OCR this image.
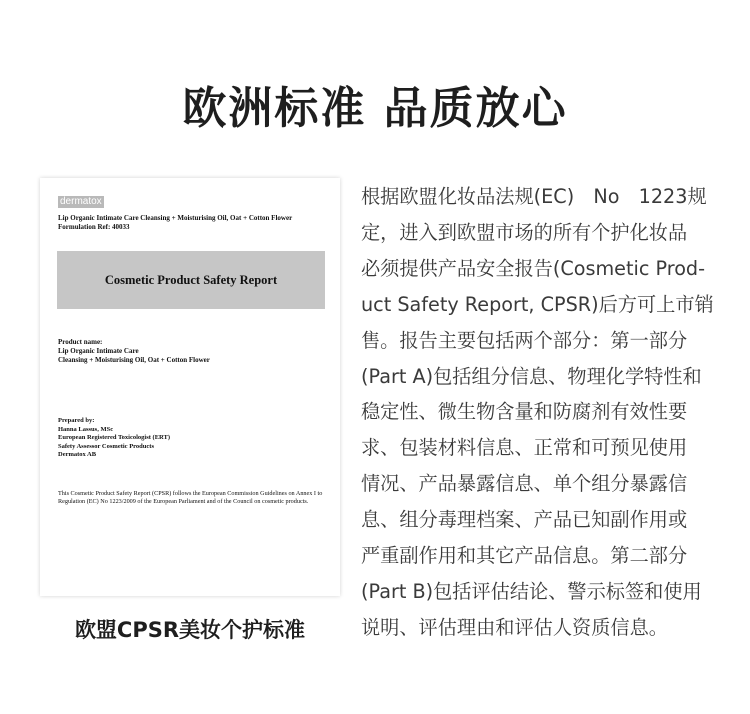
欧洲标准 品质放心
dermatox
Lip Organic Intimate Care Cleansing + Moisturising Oil, Oat + Cotton Flower
Formulation Ref: 40033
Cosmetic Product Safety Report
Product name:
Lip Organic Intimate Care
Cleansing + Moisturising Oil, Oat + Cotton Flower
Prepared by:
Hanna Lassus, MSc
European Registered Toxicologist (ERT)
Safety Assessor Cosmetic Products
Dermatox AB
This Cosmetic Product Safety Report (CPSR) follows the European Commission Guidelines on Annex I to Regulation (EC) No 1223/2009 of the European Parliament and of the Council on cosmetic products.
欧盟CPSR美妆个护标准
根据欧盟化妆品法规(EC)　No　1223规
定，进入到欧盟市场的所有个护化妆品
必须提供产品安全报告(Cosmetic Prod-
uct Safety Report, CPSR)后方可上市销
售。报告主要包括两个部分：第一部分
(Part A)包括组分信息、物理化学特性和
稳定性、微生物含量和防腐剂有效性要
求、包装材料信息、正常和可预见使用
情况、产品暴露信息、单个组分暴露信
息、组分毒理档案、产品已知副作用或
严重副作用和其它产品信息。第二部分
(Part B)包括评估结论、警示标签和使用
说明、评估理由和评估人资质信息。
